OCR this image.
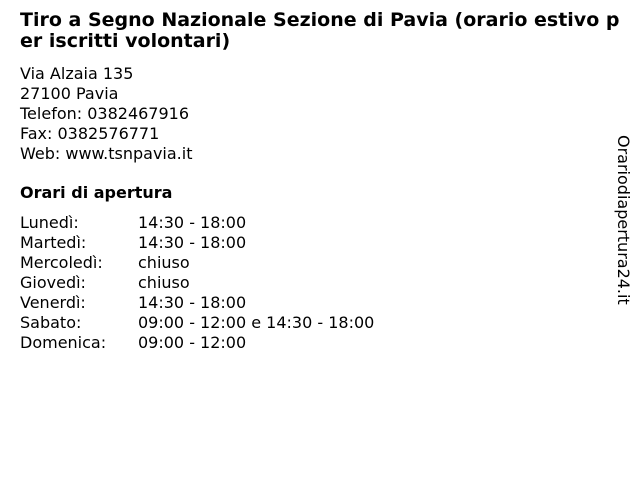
Tiro a Segno Nazionale Sezione di Pavia (orario estivo per iscritti volontari)
Via Alzaia 135
27100 Pavia
Telefon: 0382467916
Fax: 0382576771
Web: www.tsnpavia.it
Orari di apertura
Lunedì:	14:30 - 18:00
Martedì:	14:30 - 18:00
Mercoledì:	chiuso
Giovedì:	chiuso
Venerdì:	14:30 - 18:00
Sabato:	09:00 - 12:00 e 14:30 - 18:00
Domenica:	09:00 - 12:00
Orariodiapertura24.it
